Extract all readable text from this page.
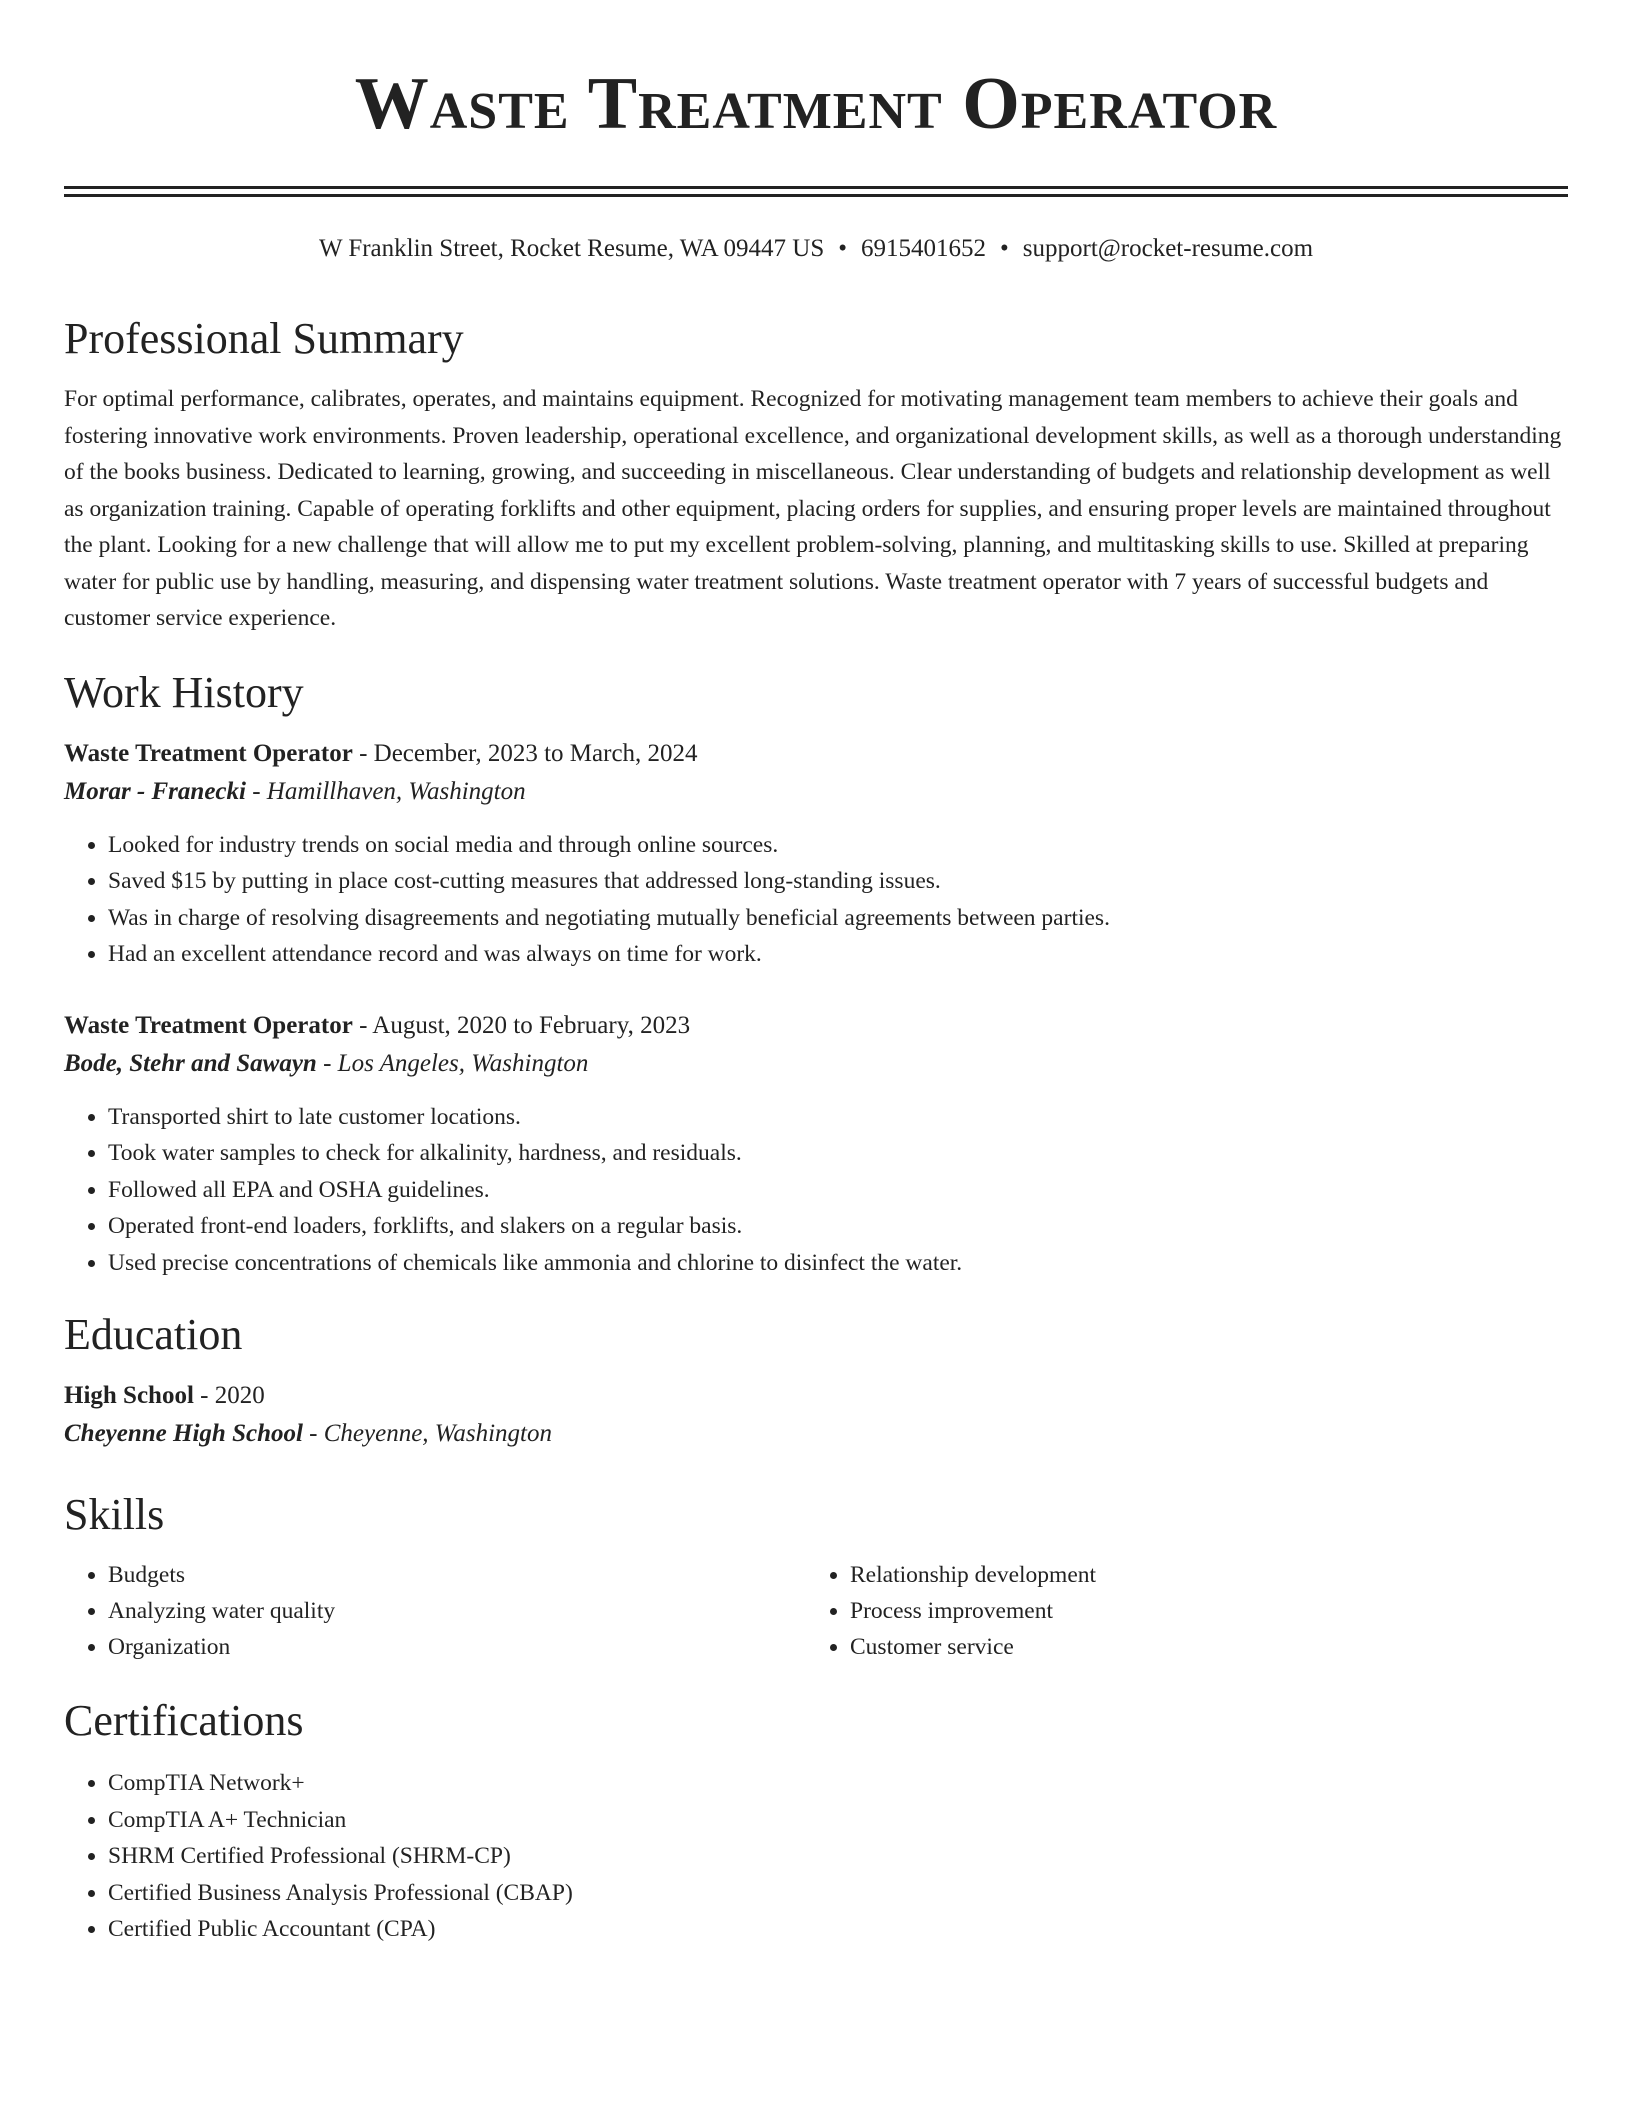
Waste Treatment Operator
W Franklin Street, Rocket Resume, WA 09447 US • 6915401652 • support@rocket-resume.com
Professional Summary

For optimal performance, calibrates, operates, and maintains equipment. Recognized for motivating management team members to achieve their goals and fostering innovative work environments. Proven leadership, operational excellence, and organizational development skills, as well as a thorough understanding of the books business. Dedicated to learning, growing, and succeeding in miscellaneous. Clear understanding of budgets and relationship development as well as organization training. Capable of operating forklifts and other equipment, placing orders for supplies, and ensuring proper levels are maintained throughout the plant. Looking for a new challenge that will allow me to put my excellent problem-solving, planning, and multitasking skills to use. Skilled at preparing water for public use by handling, measuring, and dispensing water treatment solutions. Waste treatment operator with 7 years of successful budgets and customer service experience.

Work History
Waste Treatment Operator - December, 2023 to March, 2024
Morar - Franecki - Hamillhaven, Washington
• Looked for industry trends on social media and through online sources.
• Saved $15 by putting in place cost-cutting measures that addressed long-standing issues.
• Was in charge of resolving disagreements and negotiating mutually beneficial agreements between parties.
• Had an excellent attendance record and was always on time for work.
Waste Treatment Operator - August, 2020 to February, 2023
Bode, Stehr and Sawayn - Los Angeles, Washington
• Transported shirt to late customer locations.
• Took water samples to check for alkalinity, hardness, and residuals.
• Followed all EPA and OSHA guidelines.
• Operated front-end loaders, forklifts, and slakers on a regular basis.
• Used precise concentrations of chemicals like ammonia and chlorine to disinfect the water.
Education
High School - 2020
Cheyenne High School - Cheyenne, Washington
Skills
• Budgets
• Analyzing water quality
• Organization
• Relationship development
• Process improvement
• Customer service
Certifications
• CompTIA Network+
• CompTIA A+ Technician
• SHRM Certified Professional (SHRM-CP)
• Certified Business Analysis Professional (CBAP)
• Certified Public Accountant (CPA)
